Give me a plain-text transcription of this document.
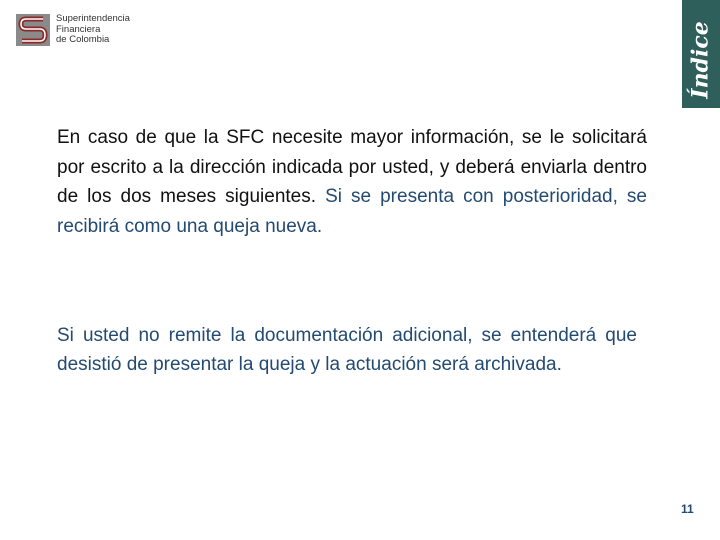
Superintendencia
Financiera
de Colombia	Índice
En caso de que la SFC necesite mayor información, se le solicitará por escrito a la dirección indicada por usted, y deberá enviarla dentro de los dos meses siguientes. Si se presenta con posterioridad, se recibirá como una queja nueva.
Si usted no remite la documentación adicional, se entenderá que desistió de presentar la queja y la actuación será archivada.
11
